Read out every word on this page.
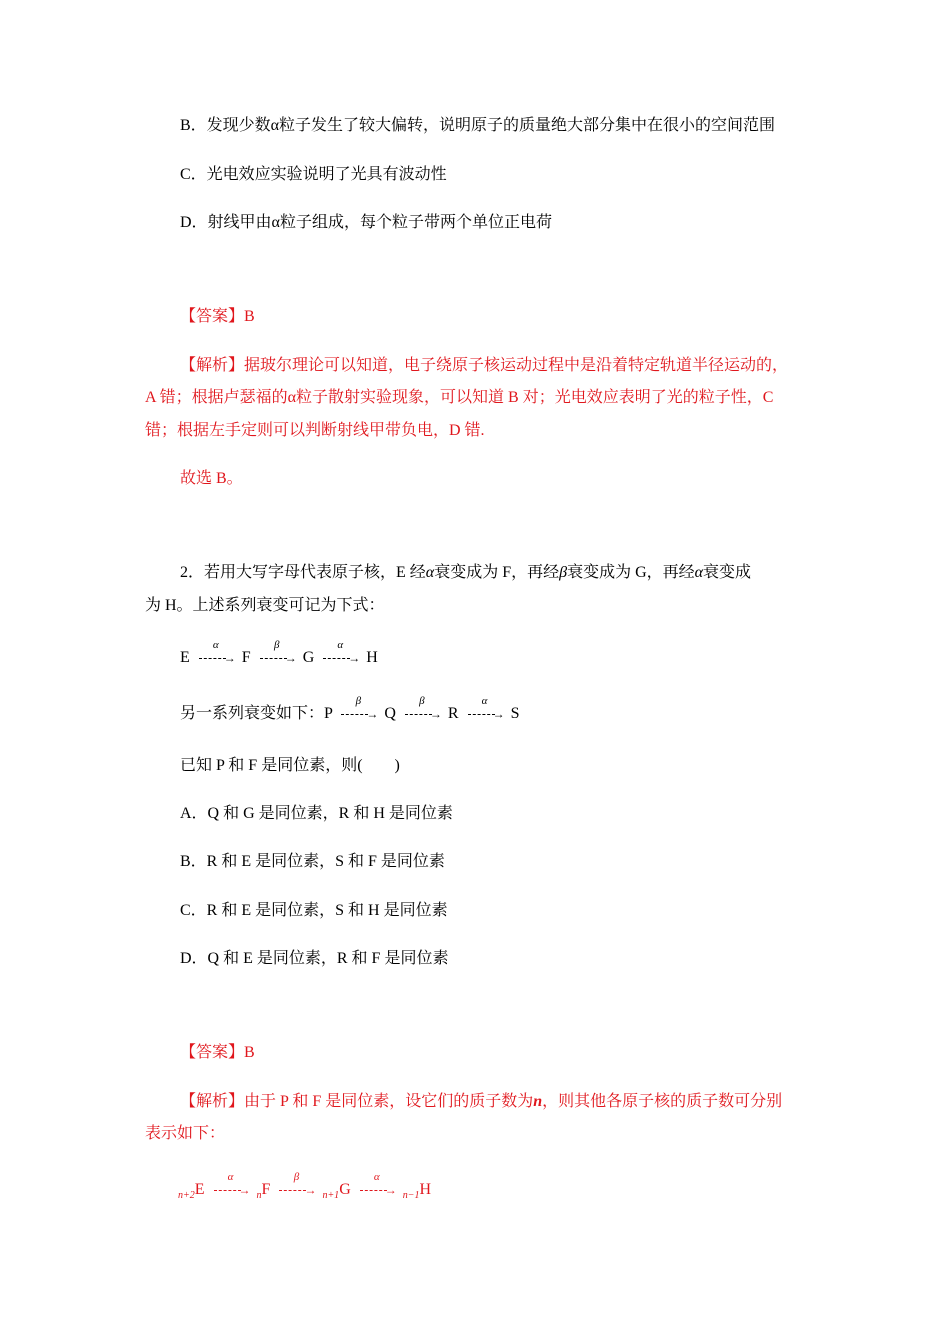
B．发现少数α粒子发生了较大偏转，说明原子的质量绝大部分集中在很小的空间范围
C．光电效应实验说明了光具有波动性
D．射线甲由α粒子组成，每个粒子带两个单位正电荷
【答案】B
【解析】据玻尔理论可以知道，电子绕原子核运动过程中是沿着特定轨道半径运动的，
A 错；根据卢瑟福的α粒子散射实验现象，可以知道 B 对；光电效应表明了光的粒子性，C
错；根据左手定则可以判断射线甲带负电，D 错.
故选 B。
2．若用大写字母代表原子核，E 经α衰变成为 F，再经β衰变成为 G，再经α衰变成
为 H。上述系列衰变可记为下式：
E
α
→ F
β
→ G
α
→ H
另一系列衰变如下：P
β
→ Q
β
→ R
α
→ S
已知 P 和 F 是同位素，则(　　)
A．Q 和 G 是同位素，R 和 H 是同位素
B．R 和 E 是同位素，S 和 F 是同位素
C．R 和 E 是同位素，S 和 H 是同位素
D．Q 和 E 是同位素，R 和 F 是同位素
【答案】B
【解析】由于 P 和 F 是同位素，设它们的质子数为n，则其他各原子核的质子数可分别
表示如下：
$_{n+2}$E
α
→ $_n$F
β
→ $_{n+1}$G
α
→ $_{n-1}$H
